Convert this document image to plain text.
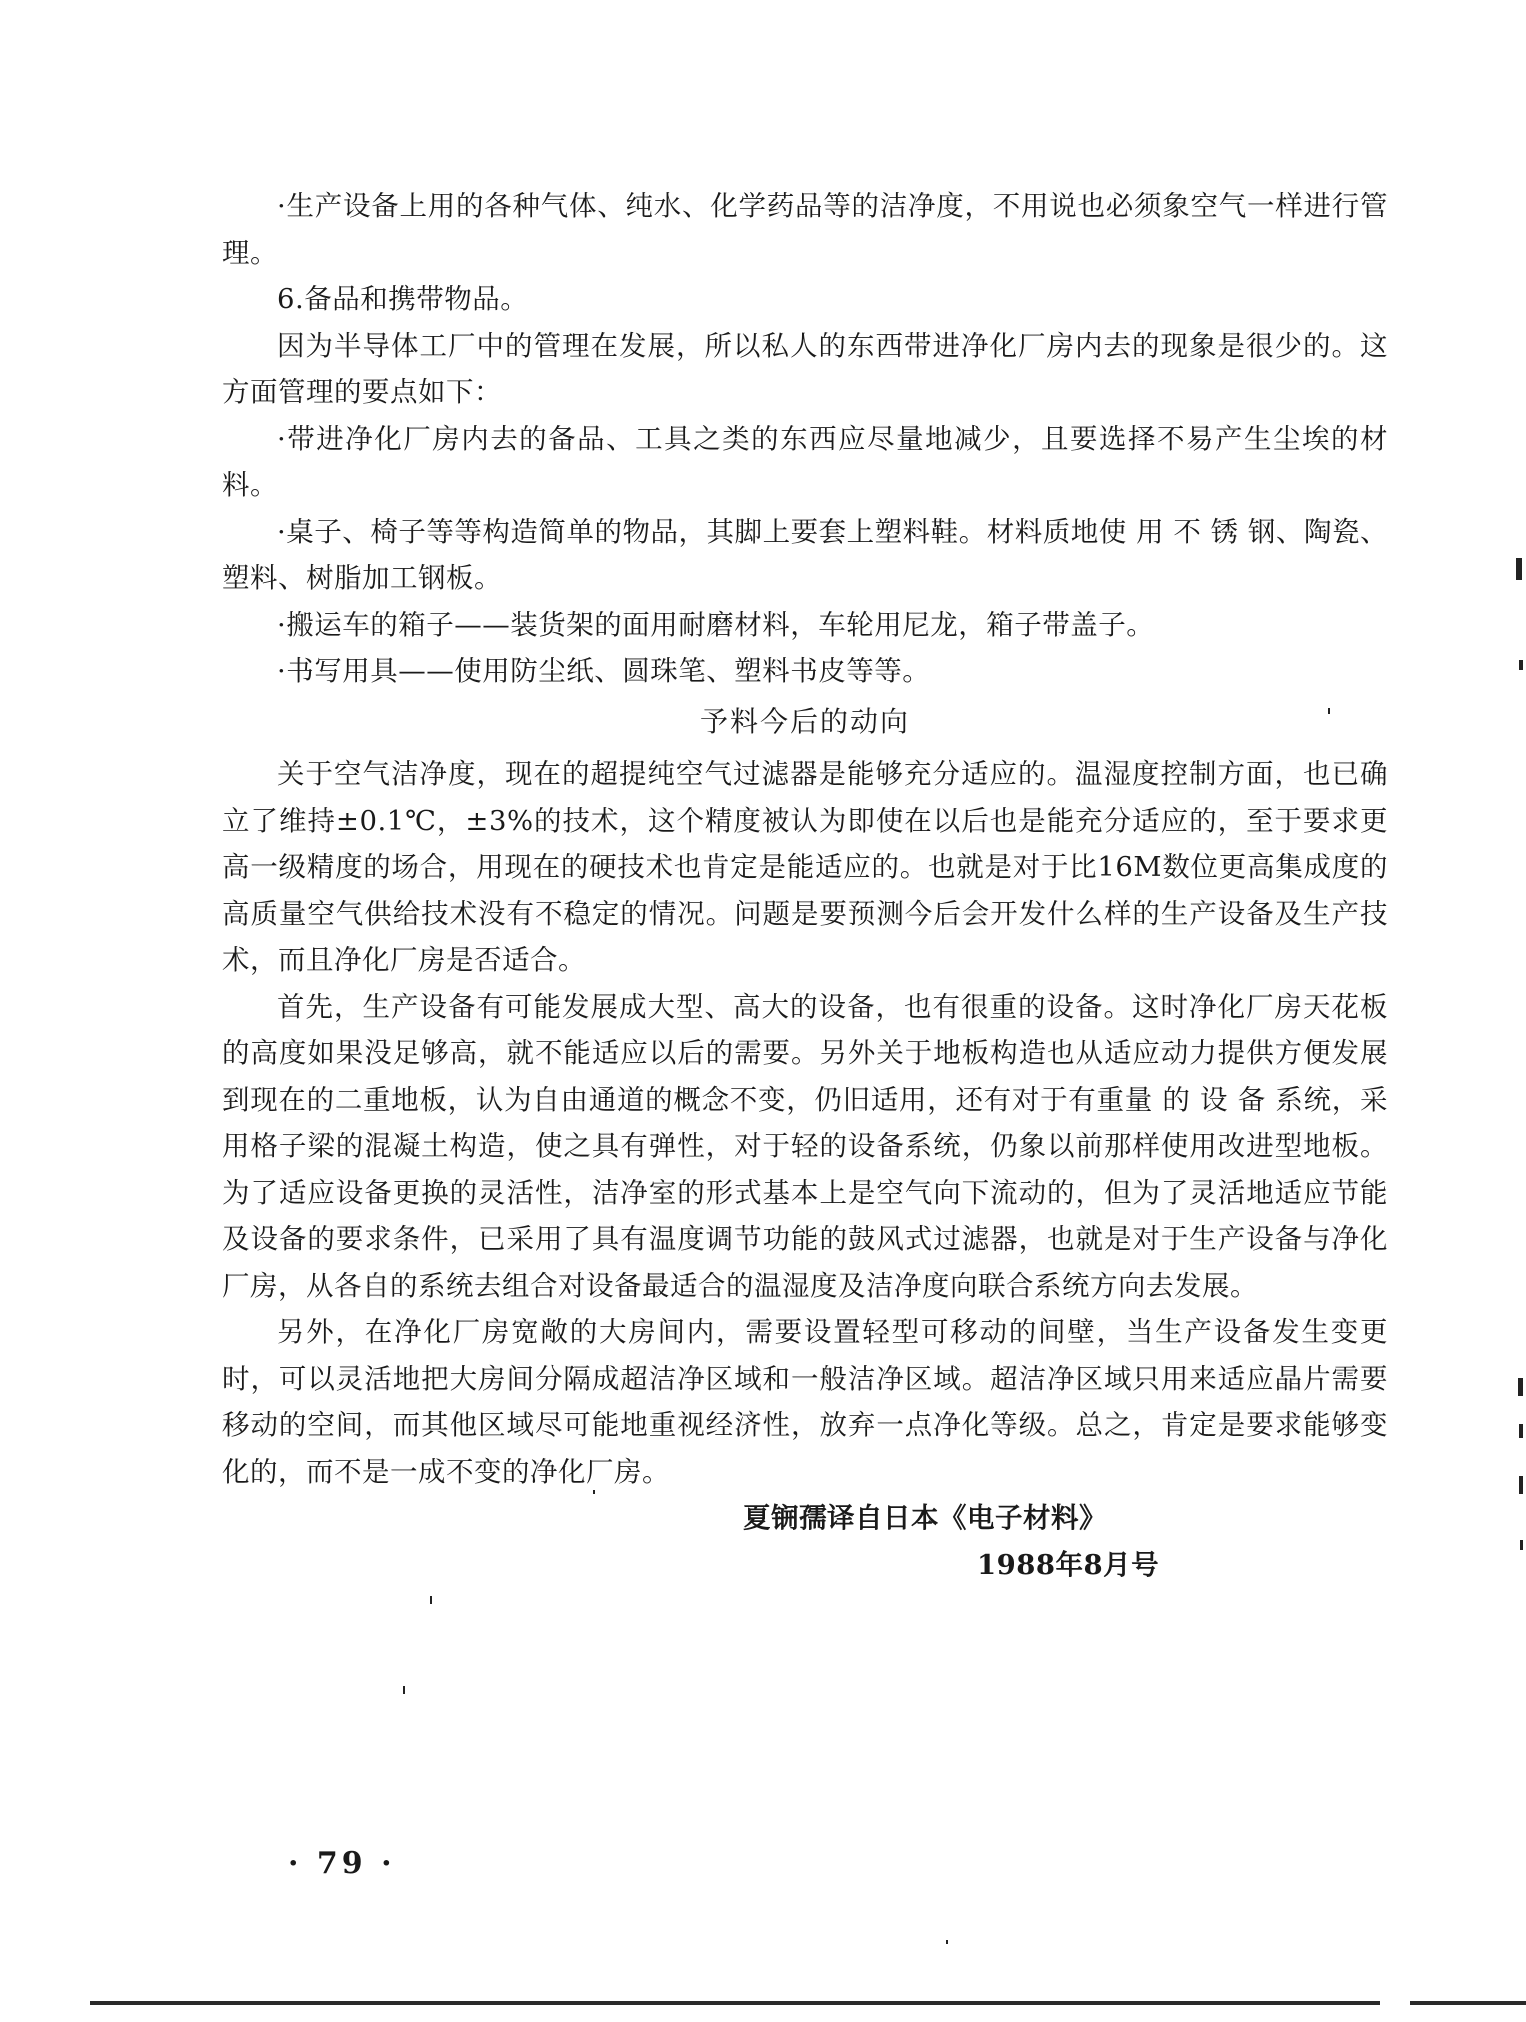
·生产设备上用的各种气体、纯水、化学药品等的洁净度，不用说也必须象空气一样进行管理。

6.备品和携带物品。

因为半导体工厂中的管理在发展，所以私人的东西带进净化厂房内去的现象是很少的。这方面管理的要点如下：

·带进净化厂房内去的备品、工具之类的东西应尽量地减少，且要选择不易产生尘埃的材料。

·桌子、椅子等等构造简单的物品，其脚上要套上塑料鞋。材料质地使 用 不 锈 钢、陶瓷、塑料、树脂加工钢板。

·搬运车的箱子——装货架的面用耐磨材料，车轮用尼龙，箱子带盖子。

·书写用具——使用防尘纸、圆珠笔、塑料书皮等等。

予料今后的动向

关于空气洁净度，现在的超提纯空气过滤器是能够充分适应的。温湿度控制方面，也已确立了维持±0.1℃，±3%的技术，这个精度被认为即使在以后也是能充分适应的，至于要求更高一级精度的场合，用现在的硬技术也肯定是能适应的。也就是对于比16M数位更高集成度的高质量空气供给技术没有不稳定的情况。问题是要预测今后会开发什么样的生产设备及生产技术，而且净化厂房是否适合。

首先，生产设备有可能发展成大型、高大的设备，也有很重的设备。这时净化厂房天花板的高度如果没足够高，就不能适应以后的需要。另外关于地板构造也从适应动力提供方便发展到现在的二重地板，认为自由通道的概念不变，仍旧适用，还有对于有重量 的 设 备 系统，采用格子梁的混凝土构造，使之具有弹性，对于轻的设备系统，仍象以前那样使用改进型地板。为了适应设备更换的灵活性，洁净室的形式基本上是空气向下流动的，但为了灵活地适应节能及设备的要求条件，已采用了具有温度调节功能的鼓风式过滤器，也就是对于生产设备与净化厂房，从各自的系统去组合对设备最适合的温湿度及洁净度向联合系统方向去发展。

另外，在净化厂房宽敞的大房间内，需要设置轻型可移动的间壁，当生产设备发生变更时，可以灵活地把大房间分隔成超洁净区域和一般洁净区域。超洁净区域只用来适应晶片需要移动的空间，而其他区域尽可能地重视经济性，放弃一点净化等级。总之，肯定是要求能够变化的，而不是一成不变的净化厂房。

夏锎孺译自日本《电子材料》

1988年8月号

· 79 ·
